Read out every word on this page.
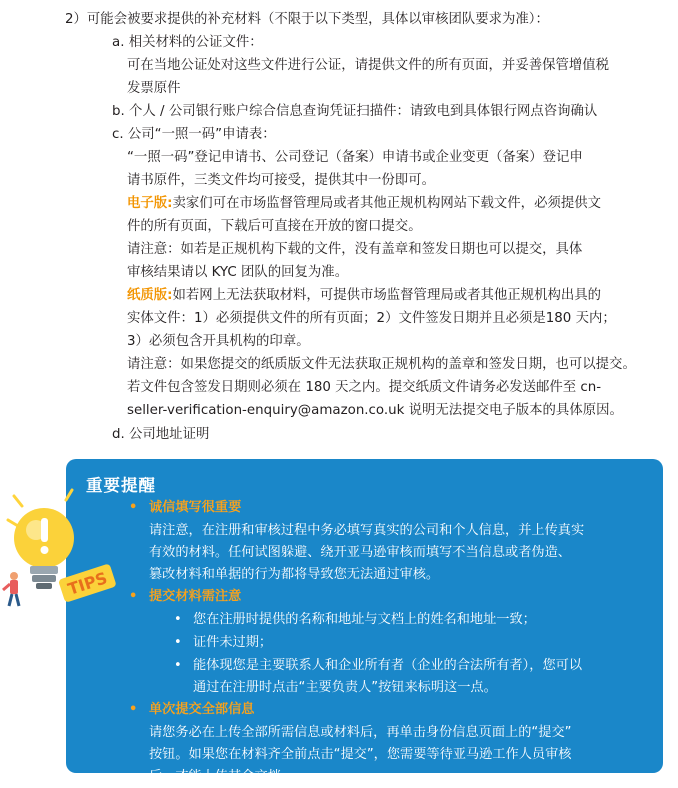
2）可能会被要求提供的补充材料（不限于以下类型，具体以审核团队要求为准）：
a. 相关材料的公证文件：
可在当地公证处对这些文件进行公证，请提供文件的所有页面，并妥善保管增值税
发票原件
b. 个人 / 公司银行账户综合信息查询凭证扫描件：请致电到具体银行网点咨询确认
c. 公司“一照一码”申请表：
“一照一码”登记申请书、公司登记（备案）申请书或企业变更（备案）登记申
请书原件，三类文件均可接受，提供其中一份即可。
电子版:卖家们可在市场监督管理局或者其他正规机构网站下载文件，必须提供文
件的所有页面，下载后可直接在开放的窗口提交。
请注意：如若是正规机构下载的文件，没有盖章和签发日期也可以提交，具体
审核结果请以 KYC 团队的回复为准。
纸质版:如若网上无法获取材料，可提供市场监督管理局或者其他正规机构出具的
实体文件：1）必须提供文件的所有页面；2）文件签发日期并且必须是180 天内；
3）必须包含开具机构的印章。
请注意：如果您提交的纸质版文件无法获取正规机构的盖章和签发日期，也可以提交。
若文件包含签发日期则必须在 180 天之内。提交纸质文件请务必发送邮件至 cn-
seller-verification-enquiry@amazon.co.uk 说明无法提交电子版本的具体原因。
d. 公司地址证明
重要提醒
• 诚信填写很重要
请注意，在注册和审核过程中务必填写真实的公司和个人信息，并上传真实
有效的材料。任何试图躲避、绕开亚马逊审核而填写不当信息或者伪造、
篡改材料和单据的行为都将导致您无法通过审核。
• 提交材料需注意
• 您在注册时提供的名称和地址与文档上的姓名和地址一致；
• 证件未过期；
• 能体现您是主要联系人和企业所有者（企业的合法所有者），您可以
通过在注册时点击“主要负责人”按钮来标明这一点。
• 单次提交全部信息
请您务必在上传全部所需信息或材料后，再单击身份信息页面上的“提交”
按钮。如果您在材料齐全前点击“提交”，您需要等待亚马逊工作人员审核
后，才能上传其余文档。
TIPS
